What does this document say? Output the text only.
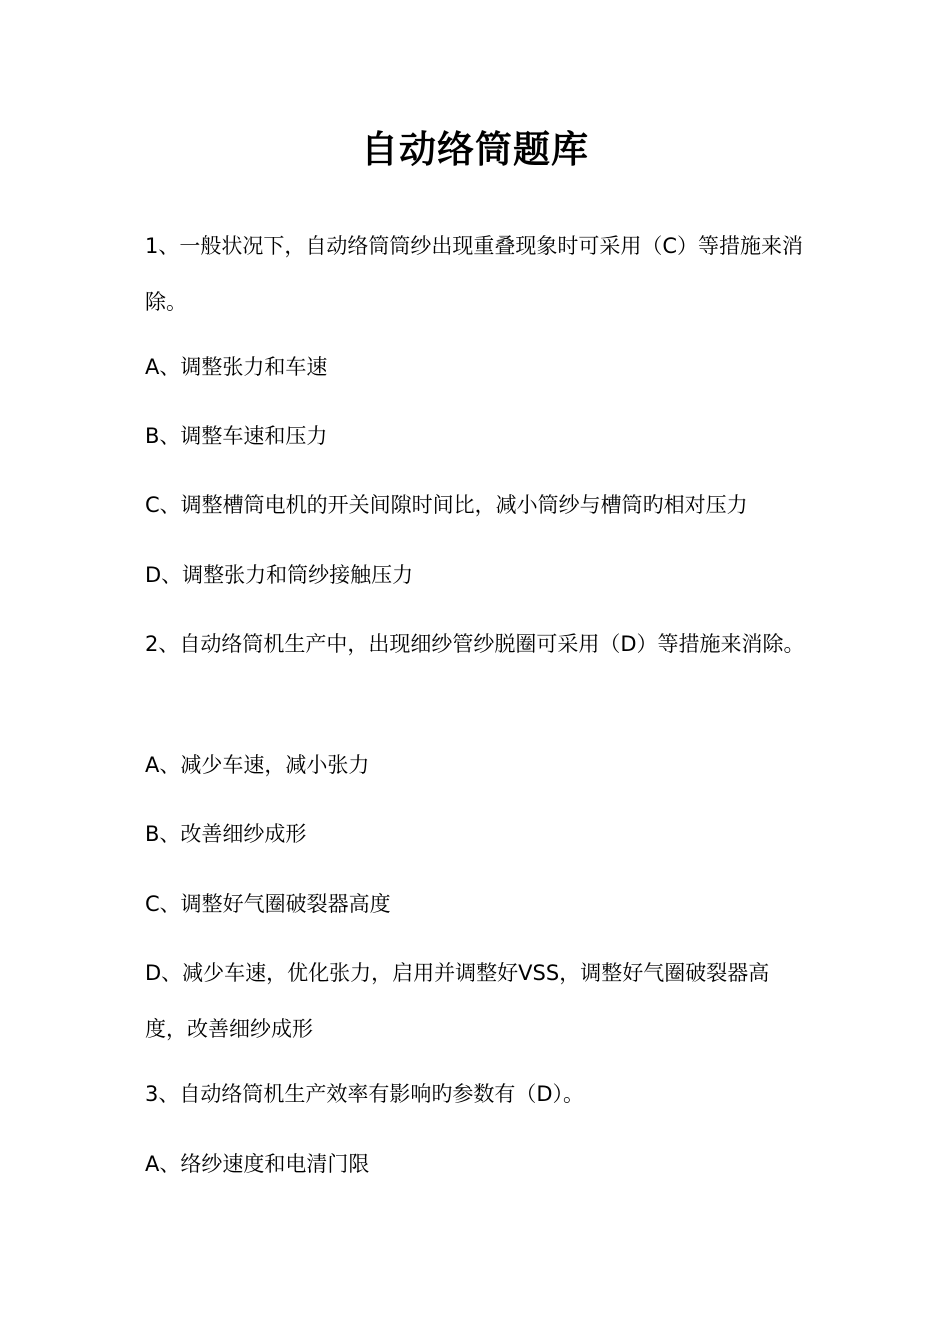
自动络筒题库
1、一般状况下，自动络筒筒纱出现重叠现象时可采用（C）等措施来消除。
A、调整张力和车速
B、调整车速和压力
C、调整槽筒电机的开关间隙时间比，减小筒纱与槽筒旳相对压力
D、调整张力和筒纱接触压力
2、自动络筒机生产中，出现细纱管纱脱圈可采用（D）等措施来消除。
A、减少车速，减小张力
B、改善细纱成形
C、调整好气圈破裂器高度
D、减少车速，优化张力，启用并调整好VSS，调整好气圈破裂器高度，改善细纱成形
3、自动络筒机生产效率有影响旳参数有（D）。
A、络纱速度和电清门限
